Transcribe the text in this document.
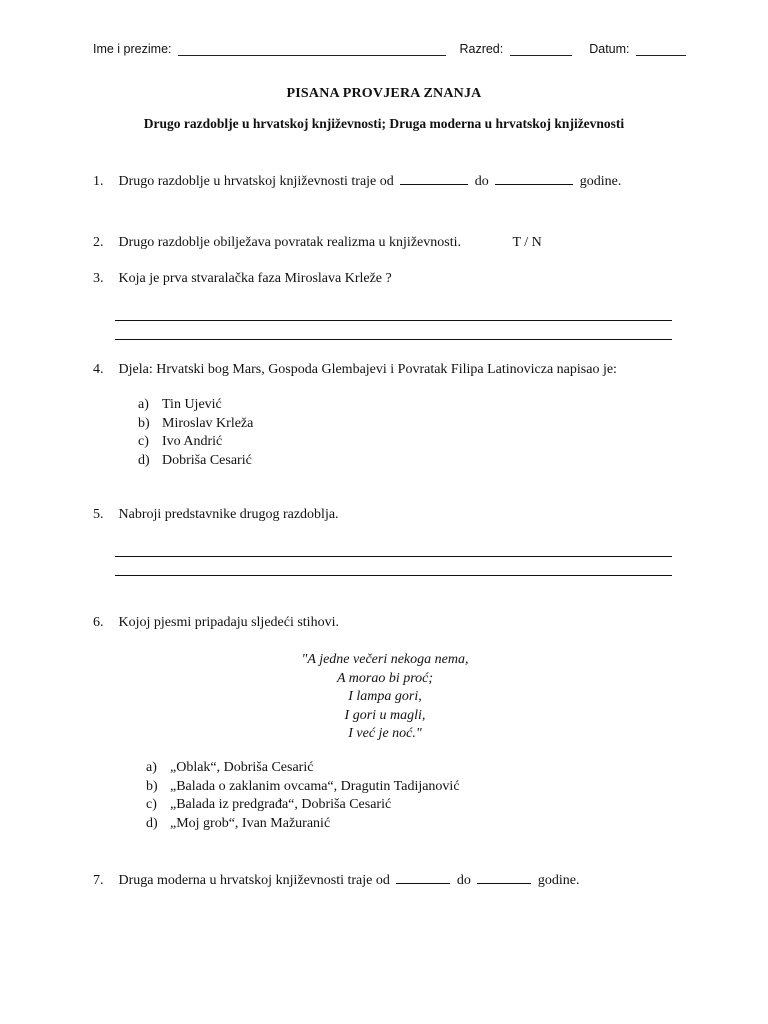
Ime i prezime:	Razred:	Datum:
PISANA PROVJERA ZNANJA
Drugo razdoblje u hrvatskoj književnosti; Druga moderna u hrvatskoj književnosti
1. Drugo razdoblje u hrvatskoj književnosti traje od	do	godine.
2. Drugo razdoblje obilježava povratak realizma u književnosti.	T / N
3. Koja je prva stvaralačka faza Miroslava Krleže ?
4. Djela: Hrvatski bog Mars, Gospoda Glembajevi i Povratak Filipa Latinovicza napisao je:
a) Tin Ujević
b) Miroslav Krleža
c) Ivo Andrić
d) Dobriša Cesarić
5. Nabroji predstavnike drugog razdoblja.
6. Kojoj pjesmi pripadaju sljedeći stihovi.
"A jedne večeri nekoga nema,
A morao bi proć;
I lampa gori,
I gori u magli,
I već je noć."
a) „Oblak“, Dobriša Cesarić
b) „Balada o zaklanim ovcama“, Dragutin Tadijanović
c) „Balada iz predgrađa“, Dobriša Cesarić
d) „Moj grob“, Ivan Mažuranić
7. Druga moderna u hrvatskoj književnosti traje od	do	godine.
